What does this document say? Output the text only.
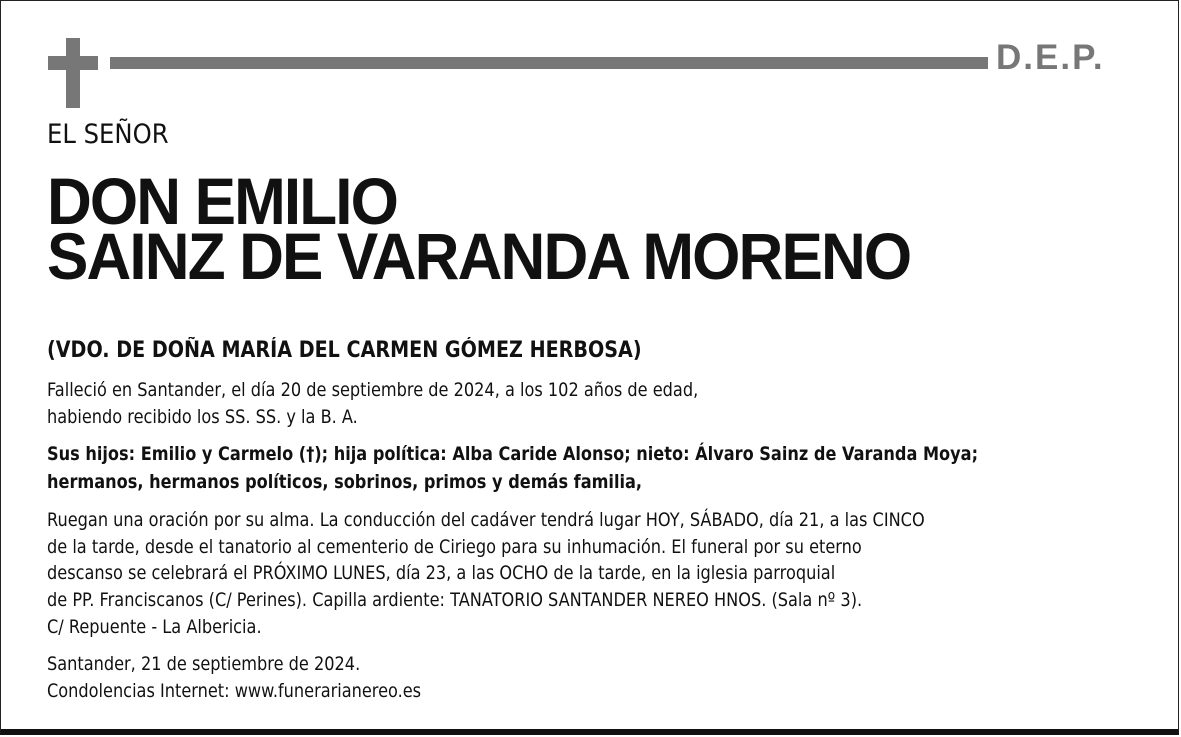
D.E.P.
EL SEÑOR
DON EMILIO
SAINZ DE VARANDA MORENO
(VDO. DE DOÑA MARÍA DEL CARMEN GÓMEZ HERBOSA)
Falleció en Santander, el día 20 de septiembre de 2024, a los 102 años de edad,
habiendo recibido los SS. SS. y la B. A.
Sus hijos: Emilio y Carmelo (†); hija política: Alba Caride Alonso; nieto: Álvaro Sainz de Varanda Moya;
hermanos, hermanos políticos, sobrinos, primos y demás familia,
Ruegan una oración por su alma. La conducción del cadáver tendrá lugar HOY, SÁBADO, día 21, a las CINCO
de la tarde, desde el tanatorio al cementerio de Ciriego para su inhumación. El funeral por su eterno
descanso se celebrará el PRÓXIMO LUNES, día 23, a las OCHO de la tarde, en la iglesia parroquial
de PP. Franciscanos (C/ Perines). Capilla ardiente: TANATORIO SANTANDER NEREO HNOS. (Sala nº 3).
C/ Repuente - La Albericia.
Santander, 21 de septiembre de 2024.
Condolencias Internet: www.funerarianereo.es
